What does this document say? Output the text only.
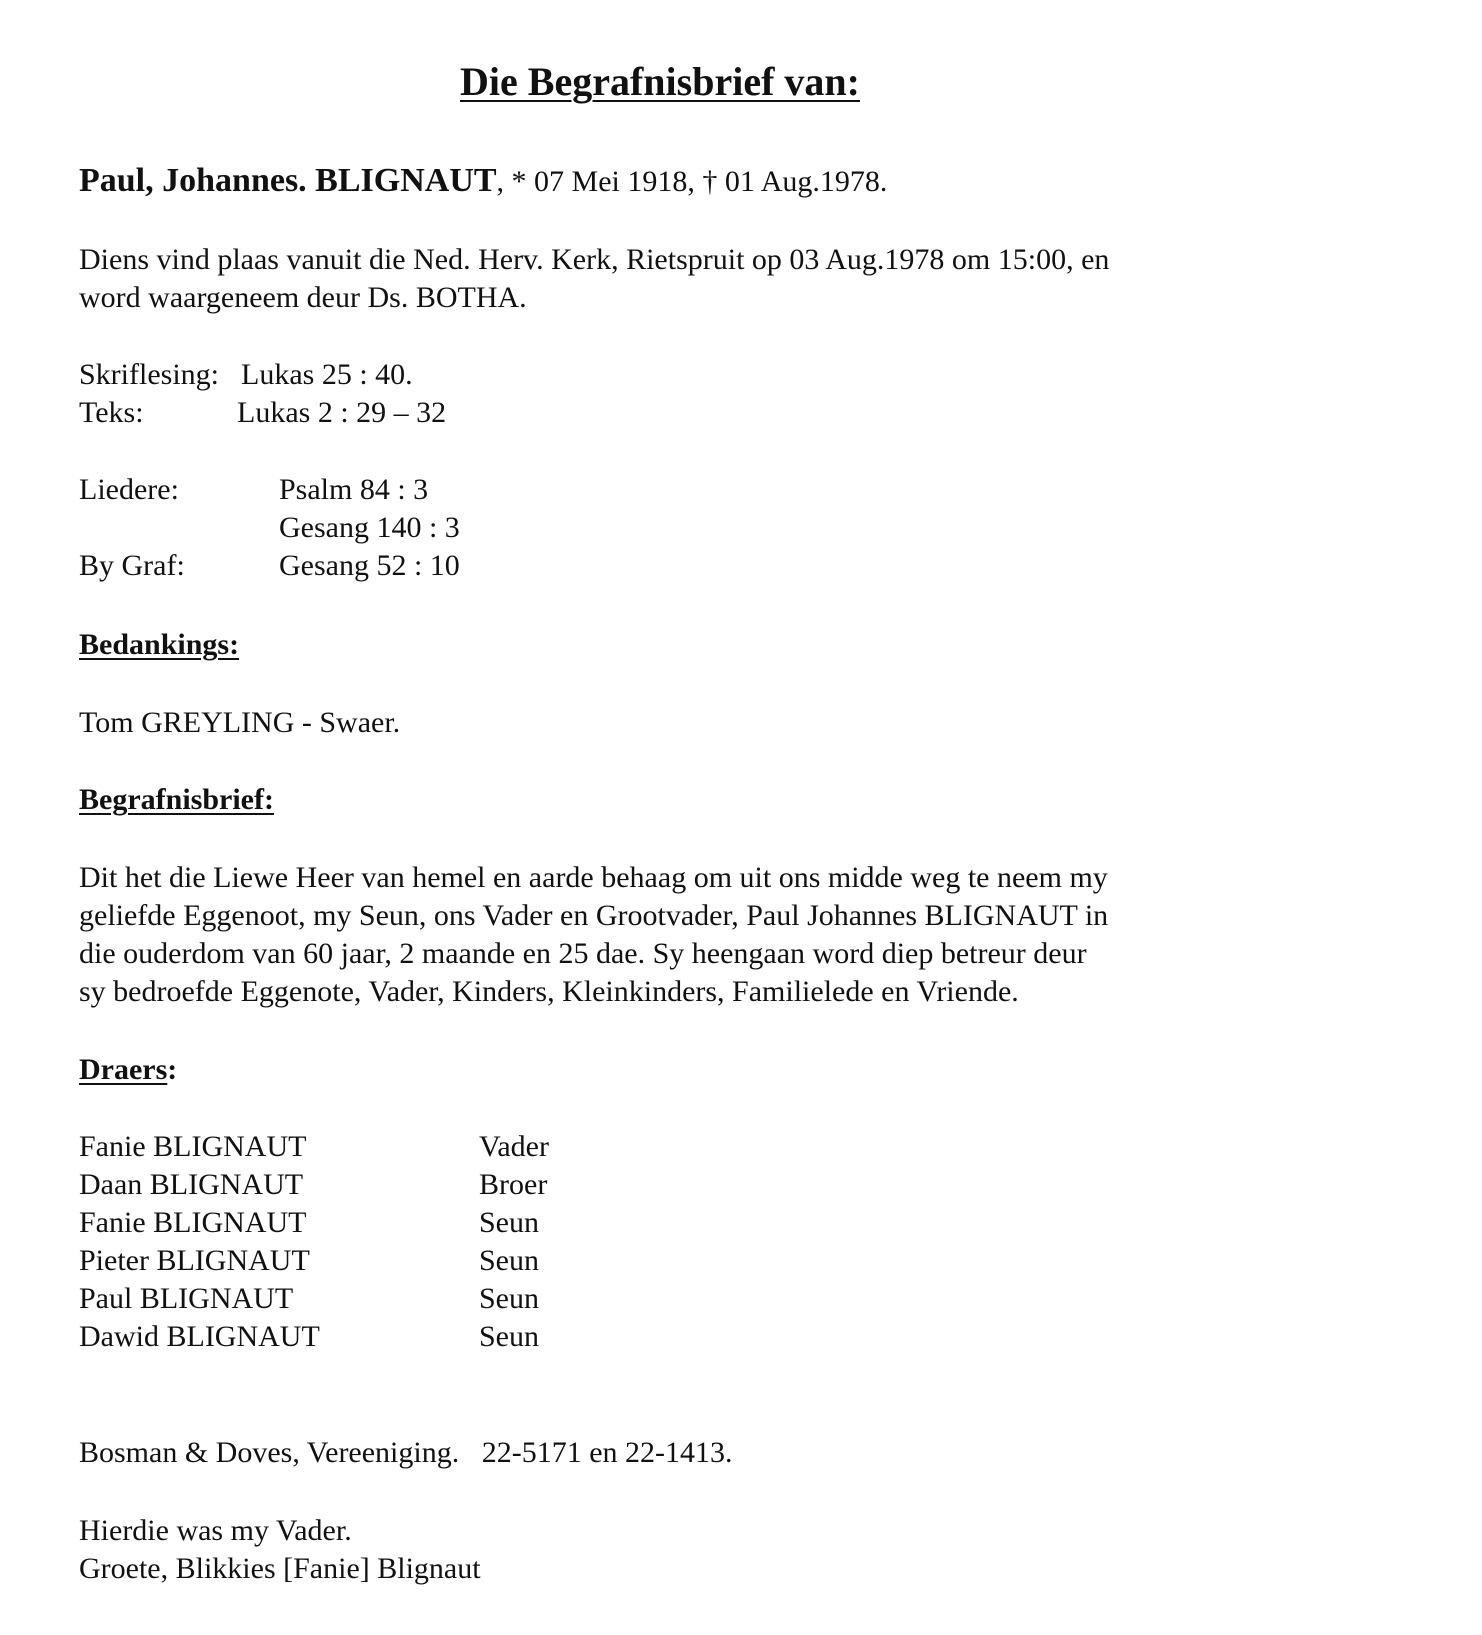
Die Begrafnisbrief van:
Paul, Johannes. BLIGNAUT, * 07 Mei 1918, † 01 Aug.1978.
Diens vind plaas vanuit die Ned. Herv. Kerk, Rietspruit op 03 Aug.1978 om 15:00, en
word waargeneem deur Ds. BOTHA.
Skriflesing: Lukas 25 : 40.
Teks:	Lukas 2 : 29 – 32
Liedere:	Psalm 84 : 3
Gesang 140 : 3
By Graf:	Gesang 52 : 10
Bedankings:
Tom GREYLING - Swaer.
Begrafnisbrief:
Dit het die Liewe Heer van hemel en aarde behaag om uit ons midde weg te neem my
geliefde Eggenoot, my Seun, ons Vader en Grootvader, Paul Johannes BLIGNAUT in
die ouderdom van 60 jaar, 2 maande en 25 dae. Sy heengaan word diep betreur deur
sy bedroefde Eggenote, Vader, Kinders, Kleinkinders, Familielede en Vriende.
Draers:
Fanie BLIGNAUT	Vader
Daan BLIGNAUT	Broer
Fanie BLIGNAUT	Seun
Pieter BLIGNAUT	Seun
Paul BLIGNAUT	Seun
Dawid BLIGNAUT	Seun
Bosman & Doves, Vereeniging.   22-5171 en 22-1413.
Hierdie was my Vader.
Groete, Blikkies [Fanie] Blignaut
